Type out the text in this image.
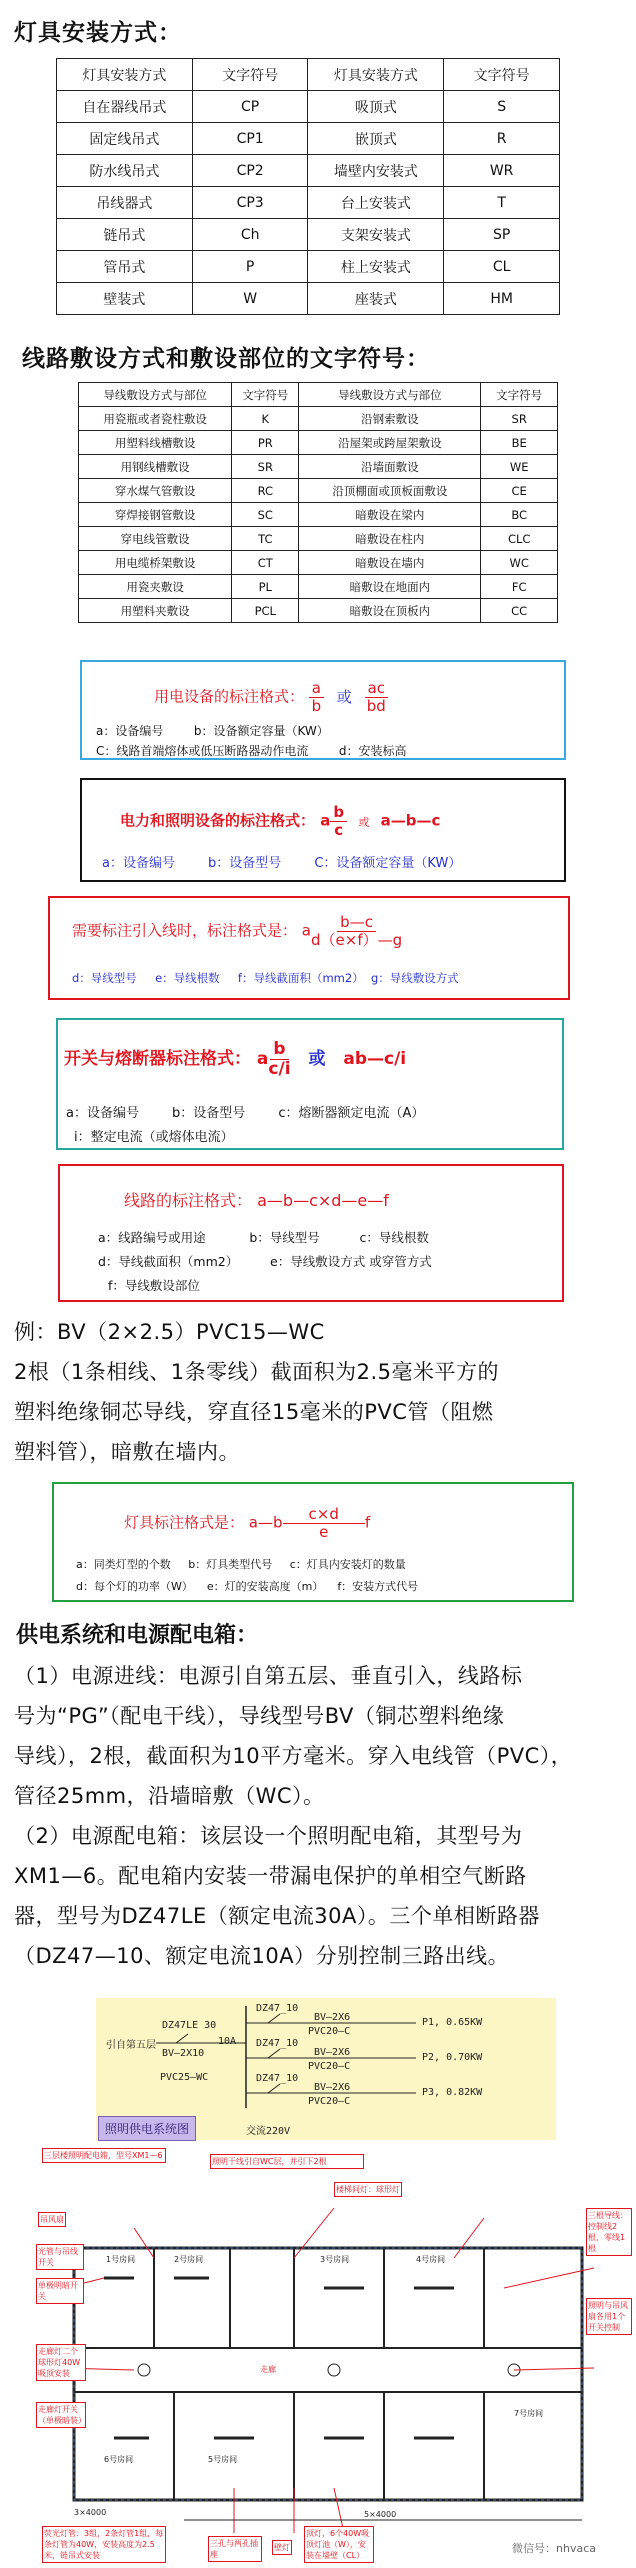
灯具安装方式：
灯具安装方式	文字符号	灯具安装方式	文字符号
自在器线吊式	CP	吸顶式	S
固定线吊式	CP1	嵌顶式	R
防水线吊式	CP2	墙壁内安装式	WR
吊线器式	CP3	台上安装式	T
链吊式	Ch	支架安装式	SP
管吊式	P	柱上安装式	CL
壁装式	W	座装式	HM
线路敷设方式和敷设部位的文字符号：
导线敷设方式与部位	文字符号	导线敷设方式与部位	文字符号
用瓷瓶或者瓷柱敷设	K	沿钢索敷设	SR
用塑料线槽敷设	PR	沿屋架或跨屋架敷设	BE
用钢线槽敷设	SR	沿墙面敷设	WE
穿水煤气管敷设	RC	沿顶棚面或顶板面敷设	CE
穿焊接钢管敷设	SC	暗敷设在梁内	BC
穿电线管敷设	TC	暗敷设在柱内	CLC
用电缆桥架敷设	CT	暗敷设在墙内	WC
用瓷夹敷设	PL	暗敷设在地面内	FC
用塑料夹敷设	PCL	暗敷设在顶板内	CC
用电设备的标注格式： $\frac{a}{b}$ 或 $\frac{ac}{bd}$
a：设备编号        b：设备额定容量（KW）
C：线路首端熔体或低压断路器动作电流        d：安装标高
电力和照明设备的标注格式： a $\frac{b}{c}$ 或 a—b—c
a：设备编号        b：设备型号        C：设备额定容量（KW）
需要标注引入线时，标注格式是： a $\frac{b—c}{d(e\times f)—g}$
d：导线型号     e：导线根数     f：导线截面积（mm2）  g：导线敷设方式
开关与熔断器标注格式： a $\frac{b}{c/i}$ 或 ab—c/i
a：设备编号        b：设备型号        c：熔断器额定电流（A）
i：整定电流（或熔体电流）
线路的标注格式： a—b—c×d—e—f
a：线路编号或用途           b：导线型号          c：导线根数
d：导线截面积（mm2）        e：导线敷设方式 或穿管方式
f：导线敷设部位
例：BV（2×2.5）PVC15—WC
2根（1条相线、1条零线）截面积为2.5毫米平方的
塑料绝缘铜芯导线，穿直径15毫米的PVC管（阻燃
塑料管），暗敷在墙内。
灯具标注格式是： a—b $\frac{c\times d}{e}$ f
a：同类灯型的个数     b：灯具类型代号     c：灯具内安装灯的数量
d：每个灯的功率（W）    e：灯的安装高度（m）    f：安装方式代号
供电系统和电源配电箱：
（1）电源进线：电源引自第五层、垂直引入，线路标
号为“PG”（配电干线），导线型号BV（铜芯塑料绝缘
导线），2根，截面积为10平方毫米。穿入电线管（PVC），
管径25mm，沿墙暗敷（WC）。
（2）电源配电箱：该层设一个照明配电箱，其型号为
XM1—6。配电箱内安装一带漏电保护的单相空气断路
器，型号为DZ47LE（额定电流30A）。三个单相断路器
（DZ47—10、额定电流10A）分别控制三路出线。
引自第五层
DZ47LE 30
10A
BV—2X10
PVC25—WC
DZ47_10
BV—2X6
PVC20—C
P1, 0.65KW
DZ47_10
BV—2X6
PVC20—C
P2, 0.70KW
DZ47_10
BV—2X6
PVC20—C
P3, 0.82KW
照明供电系统图	交流220V
三层楼照明配电箱，型号XM1—6
照明干线引自WC层，并引下2根
楼梯间灯：球形灯
吊风扇
光管与吊线开关
单极明暗开关
走廊灯二个球形灯40W吸顶安装
走廊灯开关（单极暗装）
荧光灯管：3组，2条灯管1组，每条灯管为40W，安装高度为2.5米，链吊式安装
三孔与两孔插座
壁灯
顶灯，6个40W吸顶灯池（W），安装在墙壁（CL）
三根导线：控制线2根，零线1根
照明与吊风扇各用1个开关控制
1号房间	2号房间	3号房间	4号房间
5号房间
6号房间
7号房间
走廊
3×4000	5×4000
微信号：nhvaca
